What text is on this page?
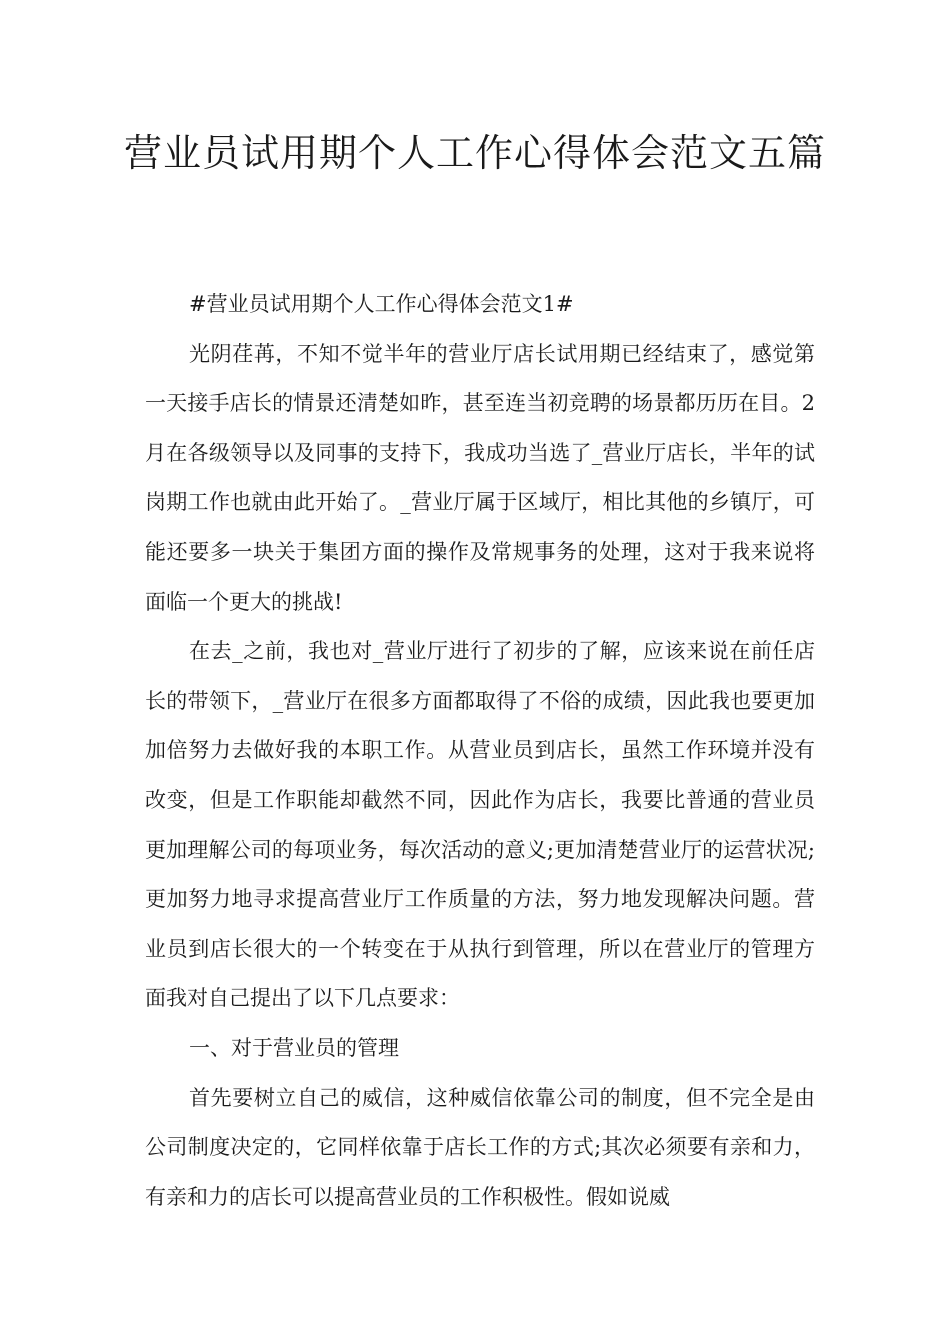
营业员试用期个人工作心得体会范文五篇

#营业员试用期个人工作心得体会范文1#

光阴荏苒，不知不觉半年的营业厅店长试用期已经结束了，感觉第一天接手店长的情景还清楚如昨，甚至连当初竞聘的场景都历历在目。2月在各级领导以及同事的支持下，我成功当选了_营业厅店长，半年的试岗期工作也就由此开始了。_营业厅属于区域厅，相比其他的乡镇厅，可能还要多一块关于集团方面的操作及常规事务的处理，这对于我来说将面临一个更大的挑战!

在去_之前，我也对_营业厅进行了初步的了解，应该来说在前任店长的带领下，_营业厅在很多方面都取得了不俗的成绩，因此我也要更加加倍努力去做好我的本职工作。从营业员到店长，虽然工作环境并没有改变，但是工作职能却截然不同，因此作为店长，我要比普通的营业员更加理解公司的每项业务，每次活动的意义;更加清楚营业厅的运营状况;更加努力地寻求提高营业厅工作质量的方法，努力地发现解决问题。营业员到店长很大的一个转变在于从执行到管理，所以在营业厅的管理方面我对自己提出了以下几点要求：

一、对于营业员的管理

首先要树立自己的威信，这种威信依靠公司的制度，但不完全是由公司制度决定的，它同样依靠于店长工作的方式;其次必须要有亲和力，有亲和力的店长可以提高营业员的工作积极性。假如说威
